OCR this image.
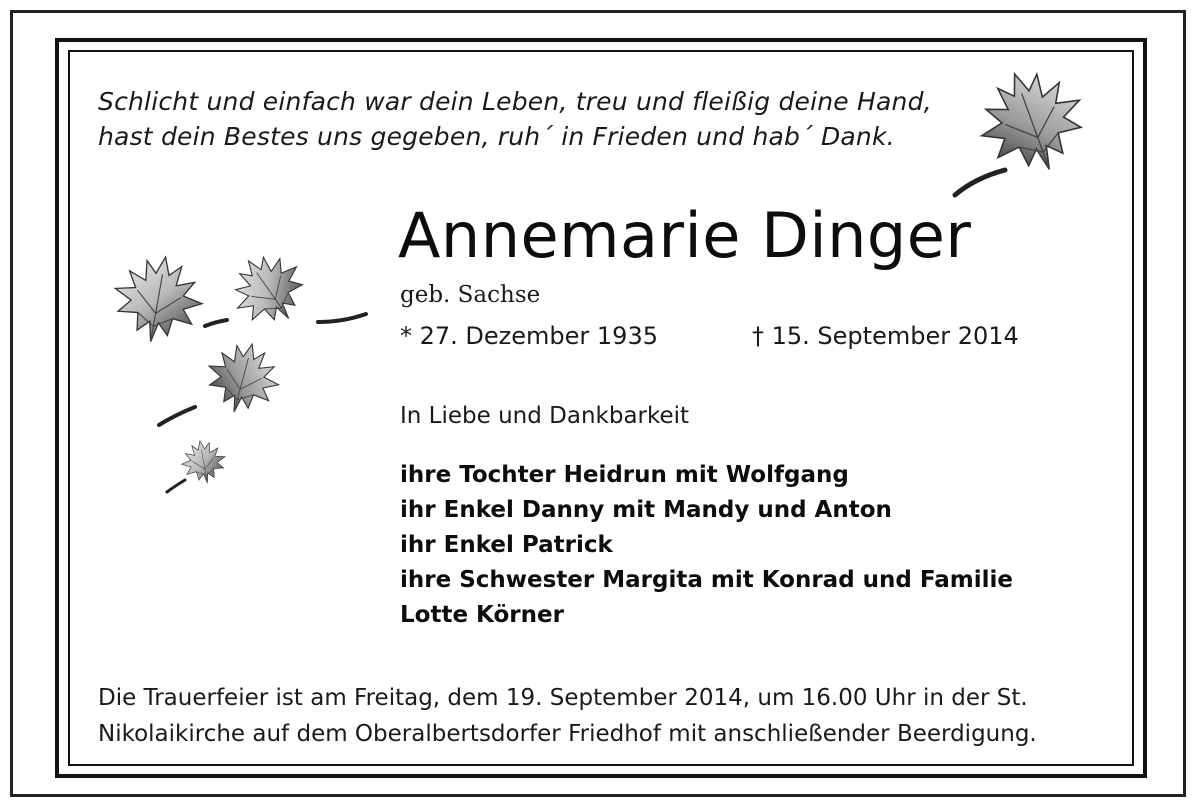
Schlicht und einfach war dein Leben, treu und fleißig deine Hand,
hast dein Bestes uns gegeben, ruh´ in Frieden und hab´ Dank.
Annemarie Dinger
geb. Sachse
* 27. Dezember 1935	† 15. September 2014
In Liebe und Dankbarkeit
ihre Tochter Heidrun mit Wolfgang
ihr Enkel Danny mit Mandy und Anton
ihr Enkel Patrick
ihre Schwester Margita mit Konrad und Familie
Lotte Körner
Die Trauerfeier ist am Freitag, dem 19. September 2014, um 16.00 Uhr in der St.
Nikolaikirche auf dem Oberalbertsdorfer Friedhof mit anschließender Beerdigung.
